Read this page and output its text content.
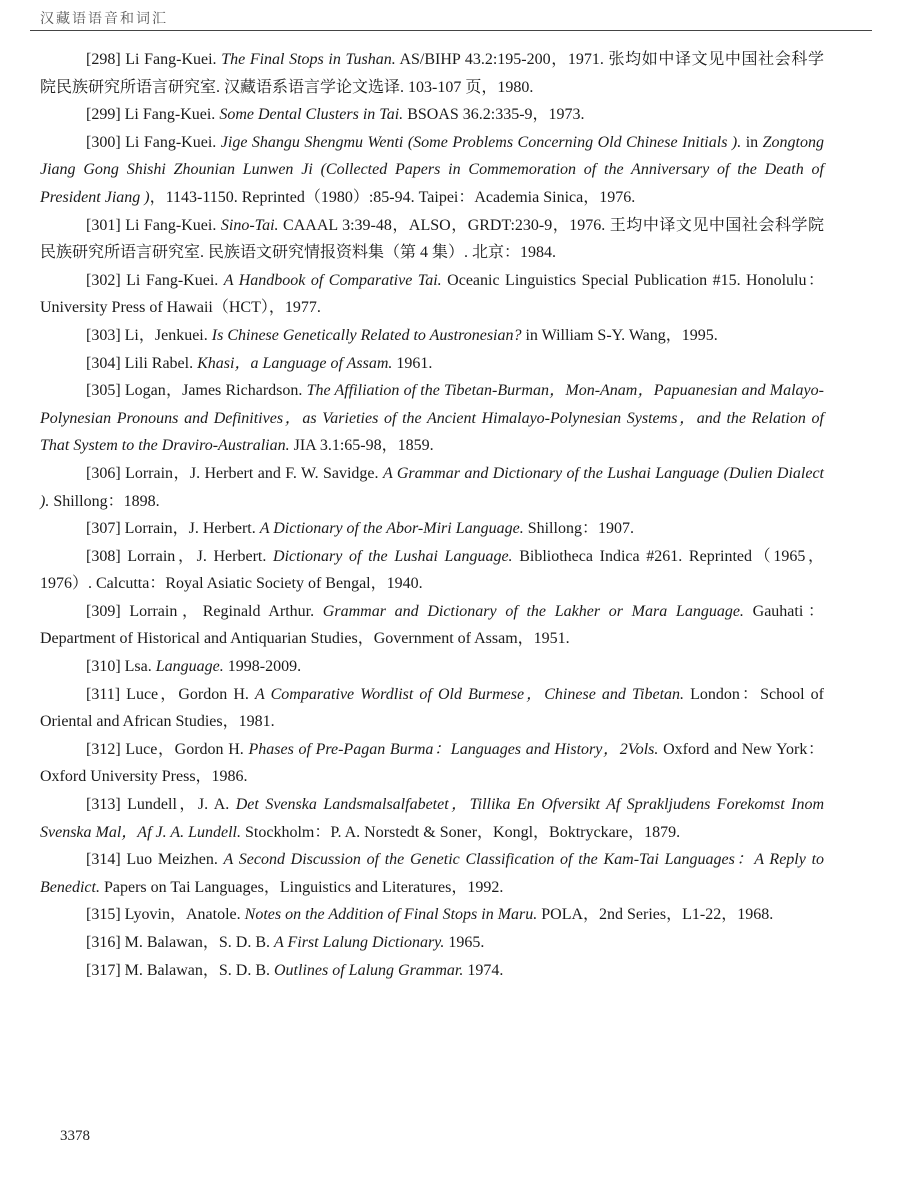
汉藏语语音和词汇

[298] Li Fang-Kuei. The Final Stops in Tushan. AS/BIHP 43.2:195-200，1971. 张均如中译文见中国社会科学院民族研究所语言研究室. 汉藏语系语言学论文选译. 103-107 页，1980.

[299] Li Fang-Kuei. Some Dental Clusters in Tai. BSOAS 36.2:335-9，1973.

[300] Li Fang-Kuei. Jige Shangu Shengmu Wenti (Some Problems Concerning Old Chinese Initials ). in Zongtong Jiang Gong Shishi Zhounian Lunwen Ji (Collected Papers in Commemoration of the Anniversary of the Death of President Jiang )，1143-1150. Reprinted（1980）:85-94. Taipei：Academia Sinica，1976.

[301] Li Fang-Kuei. Sino-Tai. CAAAL 3:39-48，ALSO，GRDT:230-9，1976. 王均中译文见中国社会科学院民族研究所语言研究室. 民族语文研究情报资料集（第 4 集）. 北京：1984.

[302] Li Fang-Kuei. A Handbook of Comparative Tai. Oceanic Linguistics Special Publication #15. Honolulu：University Press of Hawaii（HCT），1977.

[303] Li，Jenkuei. Is Chinese Genetically Related to Austronesian? in William S-Y. Wang，1995.

[304] Lili Rabel. Khasi，a Language of Assam. 1961.

[305] Logan，James Richardson. The Affiliation of the Tibetan-Burman，Mon-Anam，Papuanesian and Malayo-Polynesian Pronouns and Definitives，as Varieties of the Ancient Himalayo-Polynesian Systems，and the Relation of That System to the Draviro-Australian. JIA 3.1:65-98，1859.

[306] Lorrain，J. Herbert and F. W. Savidge. A Grammar and Dictionary of the Lushai Language (Dulien Dialect ). Shillong：1898.

[307] Lorrain，J. Herbert. A Dictionary of the Abor-Miri Language. Shillong：1907.

[308] Lorrain，J. Herbert. Dictionary of the Lushai Language. Bibliotheca Indica #261. Reprinted（1965，1976）. Calcutta：Royal Asiatic Society of Bengal，1940.

[309] Lorrain，Reginald Arthur. Grammar and Dictionary of the Lakher or Mara Language. Gauhati：Department of Historical and Antiquarian Studies，Government of Assam，1951.

[310] Lsa. Language. 1998-2009.

[311] Luce，Gordon H. A Comparative Wordlist of Old Burmese，Chinese and Tibetan. London：School of Oriental and African Studies，1981.

[312] Luce，Gordon H. Phases of Pre-Pagan Burma：Languages and History，2Vols. Oxford and New York：Oxford University Press，1986.

[313] Lundell，J. A. Det Svenska Landsmalsalfabetet，Tillika En Ofversikt Af Sprakljudens Forekomst Inom Svenska Mal，Af J. A. Lundell. Stockholm：P. A. Norstedt & Soner，Kongl，Boktryckare，1879.

[314] Luo Meizhen. A Second Discussion of the Genetic Classification of the Kam-Tai Languages：A Reply to Benedict. Papers on Tai Languages，Linguistics and Literatures，1992.

[315] Lyovin，Anatole. Notes on the Addition of Final Stops in Maru. POLA，2nd Series，L1-22，1968.

[316] M. Balawan，S. D. B. A First Lalung Dictionary. 1965.

[317] M. Balawan，S. D. B. Outlines of Lalung Grammar. 1974.

3378
